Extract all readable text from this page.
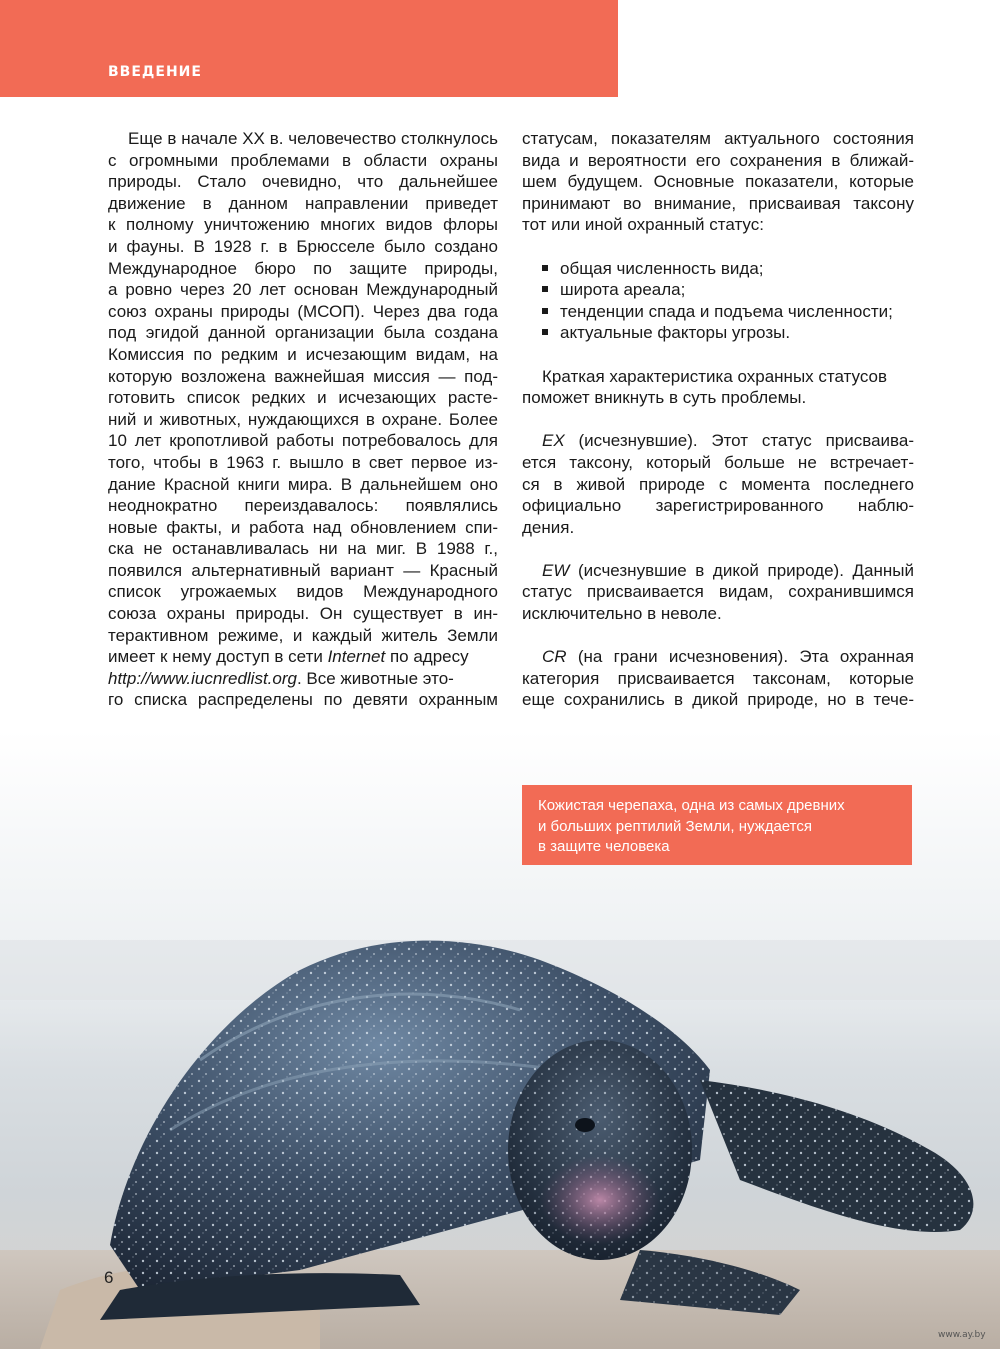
ВВЕДЕНИЕ
Еще в начале XX в. человечество столкнулось
с огромными проблемами в области охраны
природы. Стало очевидно, что дальнейшее
движение в данном направлении приведет
к полному уничтожению многих видов флоры
и фауны. В 1928 г. в Брюсселе было создано
Международное бюро по защите природы,
а ровно через 20 лет основан Международный
союз охраны природы (МСОП). Через два года
под эгидой данной организации была создана
Комиссия по редким и исчезающим видам, на
которую возложена важнейшая миссия — под-
готовить список редких и исчезающих расте-
ний и животных, нуждающихся в охране. Более
10 лет кропотливой работы потребовалось для
того, чтобы в 1963 г. вышло в свет первое из-
дание Красной книги мира. В дальнейшем оно
неоднократно переиздавалось: появлялись
новые факты, и работа над обновлением спи-
ска не останавливалась ни на миг. В 1988 г.,
появился альтернативный вариант — Красный
список угрожаемых видов Международного
союза охраны природы. Он существует в ин-
терактивном режиме, и каждый житель Земли
имеет к нему доступ в сети Internet по адресу
http://www.iucnredlist.org. Все животные это-
го списка распределены по девяти охранным
статусам, показателям актуального состояния
вида и вероятности его сохранения в ближай-
шем будущем. Основные показатели, которые
принимают во внимание, присваивая таксону
тот или иной охранный статус:
общая численность вида;
широта ареала;
тенденции спада и подъема численности;
актуальные факторы угрозы.
Краткая характеристика охранных статусов
поможет вникнуть в суть проблемы.
EX (исчезнувшие). Этот статус присваива-
ется таксону, который больше не встречает-
ся в живой природе с момента последнего
официально зарегистрированного наблю-
дения.
EW (исчезнувшие в дикой природе). Данный
статус присваивается видам, сохранившимся
исключительно в неволе.
CR (на грани исчезновения). Эта охранная
категория присваивается таксонам, которые
еще сохранились в дикой природе, но в тече-
Кожистая черепаха, одна из самых древних
и больших рептилий Земли, нуждается
в защите человека
6
www.ay.by
